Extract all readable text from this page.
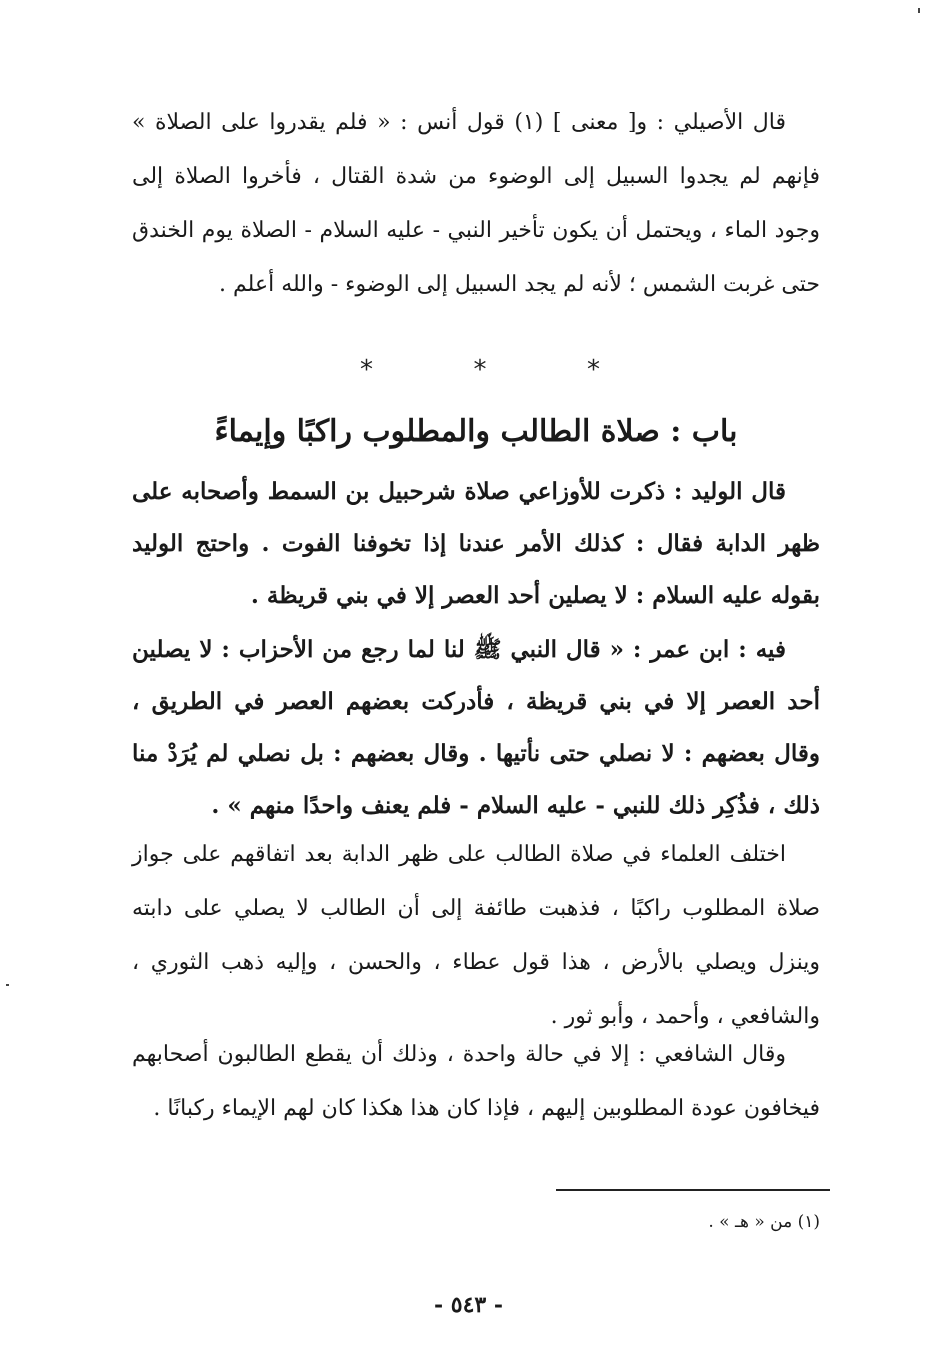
قال الأصيلي : و[ معنى ] (١) قول أنس : « فلم يقدروا على الصلاة » فإنهم لم يجدوا السبيل إلى الوضوء من شدة القتال ، فأخروا الصلاة إلى وجود الماء ، ويحتمل أن يكون تأخير النبي - عليه السلام - الصلاة يوم الخندق حتى غربت الشمس ؛ لأنه لم يجد السبيل إلى الوضوء - والله أعلم .

*	*	*
باب : صلاة الطالب والمطلوب راكبًا وإيماءً

قال الوليد : ذكرت للأوزاعي صلاة شرحبيل بن السمط وأصحابه على ظهر الدابة فقال : كذلك الأمر عندنا إذا تخوفنا الفوت . واحتج الوليد بقوله عليه السلام : لا يصلين أحد العصر إلا في بني قريظة .

فيه : ابن عمر : « قال النبي ﷺ لنا لما رجع من الأحزاب : لا يصلين أحد العصر إلا في بني قريظة ، فأدركت بعضهم العصر في الطريق ، وقال بعضهم : لا نصلي حتى نأتيها . وقال بعضهم : بل نصلي لم يُرَدْ منا ذلك ، فذُكِر ذلك للنبي - عليه السلام - فلم يعنف واحدًا منهم » .

اختلف العلماء في صلاة الطالب على ظهر الدابة بعد اتفاقهم على جواز صلاة المطلوب راكبًا ، فذهبت طائفة إلى أن الطالب لا يصلي على دابته وينزل ويصلي بالأرض ، هذا قول عطاء ، والحسن ، وإليه ذهب الثوري ، والشافعي ، وأحمد ، وأبو ثور .

وقال الشافعي : إلا في حالة واحدة ، وذلك أن يقطع الطالبون أصحابهم فيخافون عودة المطلوبين إليهم ، فإذا كان هذا هكذا كان لهم الإيماء ركبانًا .

(١) من « هـ » .
- ٥٤٣ -
